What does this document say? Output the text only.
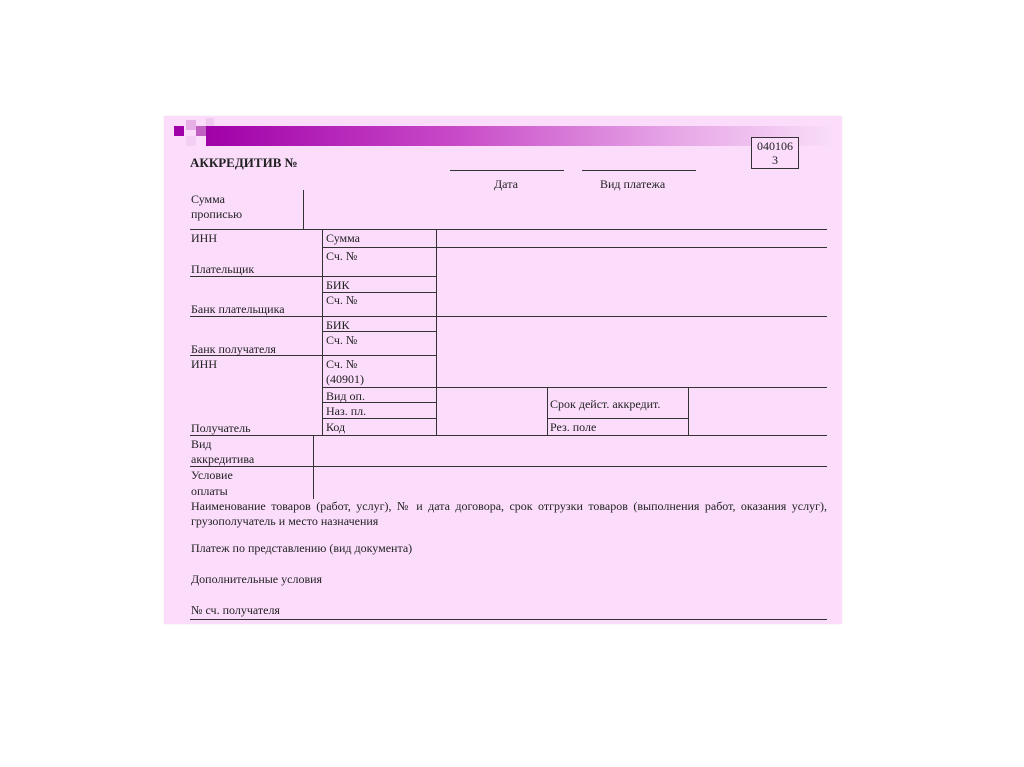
АККРЕДИТИВ №
040106
3
Дата	Вид платежа
Сумма
прописью
ИНН
Плательщик
Банк плательщика
Банк получателя
ИНН
Получатель
Сумма
Сч. №
БИК
Сч. №
БИК
Сч. №
Сч. №
(40901)
Вид оп.
Наз. пл.
Код
Срок дейст. аккредит.
Рез. поле
Вид
аккредитива
Условие
оплаты
Наименование товаров (работ, услуг), № и дата договора, срок отгрузки товаров (выполнения работ, оказания услуг), грузополучатель и место назначения
Платеж по представлению (вид документа)
Дополнительные условия
№ сч. получателя
